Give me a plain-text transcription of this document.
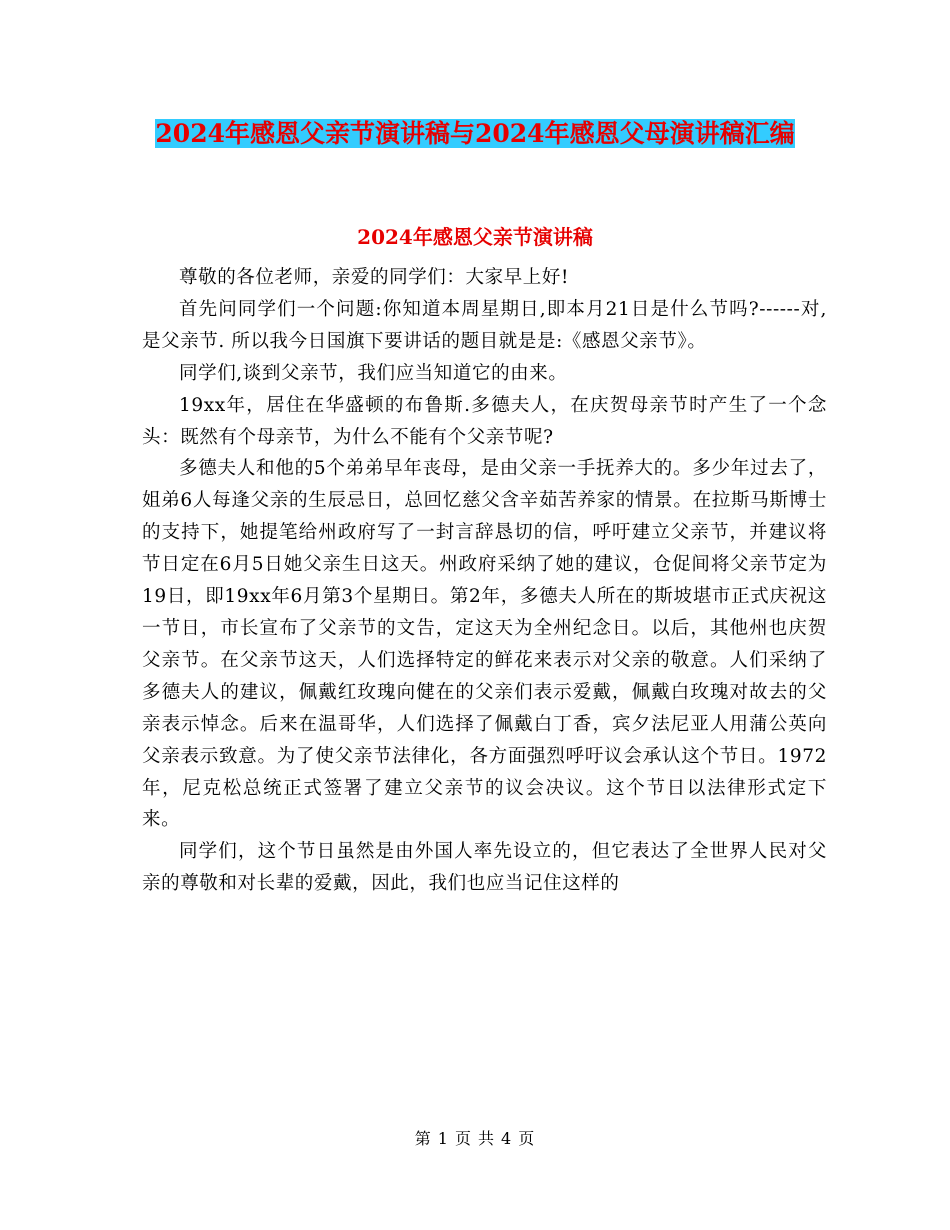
2024年感恩父亲节演讲稿与2024年感恩父母演讲稿汇编
2024年感恩父亲节演讲稿

尊敬的各位老师，亲爱的同学们：大家早上好!

首先问同学们一个问题:你知道本周星期日,即本月21日是什么节吗?------对,是父亲节. 所以我今日国旗下要讲话的题目就是是:《感恩父亲节》。

同学们,谈到父亲节，我们应当知道它的由来。

19xx年，居住在华盛顿的布鲁斯.多德夫人，在庆贺母亲节时产生了一个念头：既然有个母亲节，为什么不能有个父亲节呢?

多德夫人和他的5个弟弟早年丧母，是由父亲一手抚养大的。多少年过去了，姐弟6人每逢父亲的生辰忌日，总回忆慈父含辛茹苦养家的情景。在拉斯马斯博士的支持下，她提笔给州政府写了一封言辞恳切的信，呼吁建立父亲节，并建议将节日定在6月5日她父亲生日这天。州政府采纳了她的建议，仓促间将父亲节定为19日，即19xx年6月第3个星期日。第2年，多德夫人所在的斯坡堪市正式庆祝这一节日，市长宣布了父亲节的文告，定这天为全州纪念日。以后，其他州也庆贺父亲节。在父亲节这天，人们选择特定的鲜花来表示对父亲的敬意。人们采纳了多德夫人的建议，佩戴红玫瑰向健在的父亲们表示爱戴，佩戴白玫瑰对故去的父亲表示悼念。后来在温哥华，人们选择了佩戴白丁香，宾夕法尼亚人用蒲公英向父亲表示致意。为了使父亲节法律化，各方面强烈呼吁议会承认这个节日。1972年，尼克松总统正式签署了建立父亲节的议会决议。这个节日以法律形式定下来。

同学们，这个节日虽然是由外国人率先设立的，但它表达了全世界人民对父亲的尊敬和对长辈的爱戴，因此，我们也应当记住这样的

第 1 页 共 4 页
